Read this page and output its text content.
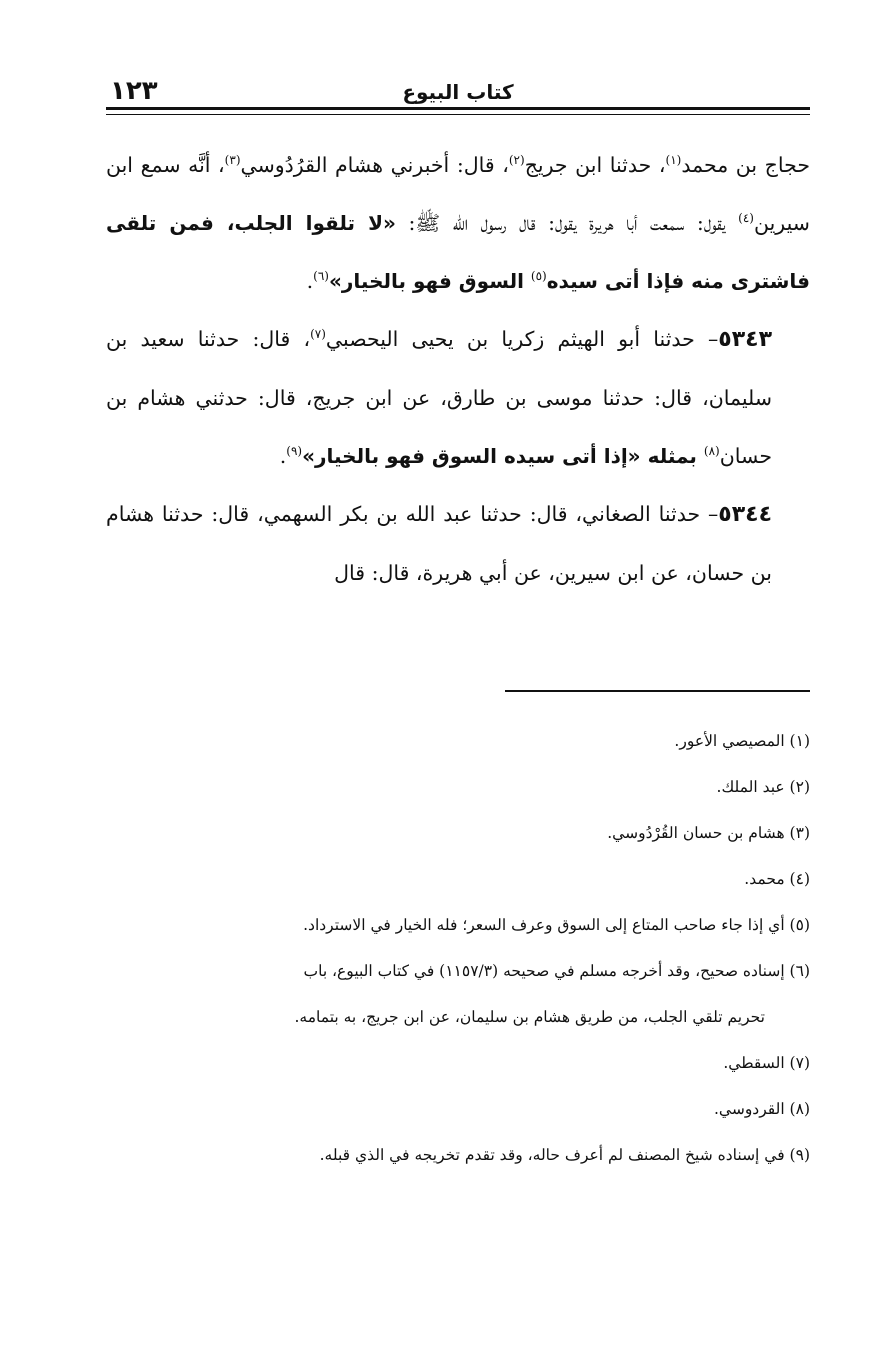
كتاب البيوع
١٢٣

حجاج بن محمد$^{(١)}$، حدثنا ابن جريج$^{(٢)}$، قال: أخبرني هشام القرُدُوسي$^{(٣)}$، أنَّه سمع ابن سيرين$^{(٤)}$ يقول: سمعت أبا هريرة يقول: قال رسول الله ﷺ: «لا تلقوا الجلب، فمن تلقى فاشترى منه فإذا أتى سيده$^{(٥)}$ السوق فهو بالخيار»$^{(٦)}$.

٥٣٤٣– حدثنا أبو الهيثم زكريا بن يحيى اليحصبي$^{(٧)}$، قال: حدثنا سعيد بن سليمان، قال: حدثنا موسى بن طارق، عن ابن جريج، قال: حدثني هشام بن حسان$^{(٨)}$ بمثله «إذا أتى سيده السوق فهو بالخيار»$^{(٩)}$.

٥٣٤٤– حدثنا الصغاني، قال: حدثنا عبد الله بن بكر السهمي، قال: حدثنا هشام بن حسان، عن ابن سيرين، عن أبي هريرة، قال: قال

(١) المصيصي الأعور.

(٢) عبد الملك.

(٣) هشام بن حسان القُرْدُوسي.

(٤) محمد.

(٥) أي إذا جاء صاحب المتاع إلى السوق وعرف السعر؛ فله الخيار في الاسترداد.

(٦) إسناده صحيح، وقد أخرجه مسلم في صحيحه (١١٥٧/٣) في كتاب البيوع، باب

تحريم تلقي الجلب، من طريق هشام بن سليمان، عن ابن جريج، به بتمامه.

(٧) السقطي.

(٨) القردوسي.

(٩) في إسناده شيخ المصنف لم أعرف حاله، وقد تقدم تخريجه في الذي قبله.
